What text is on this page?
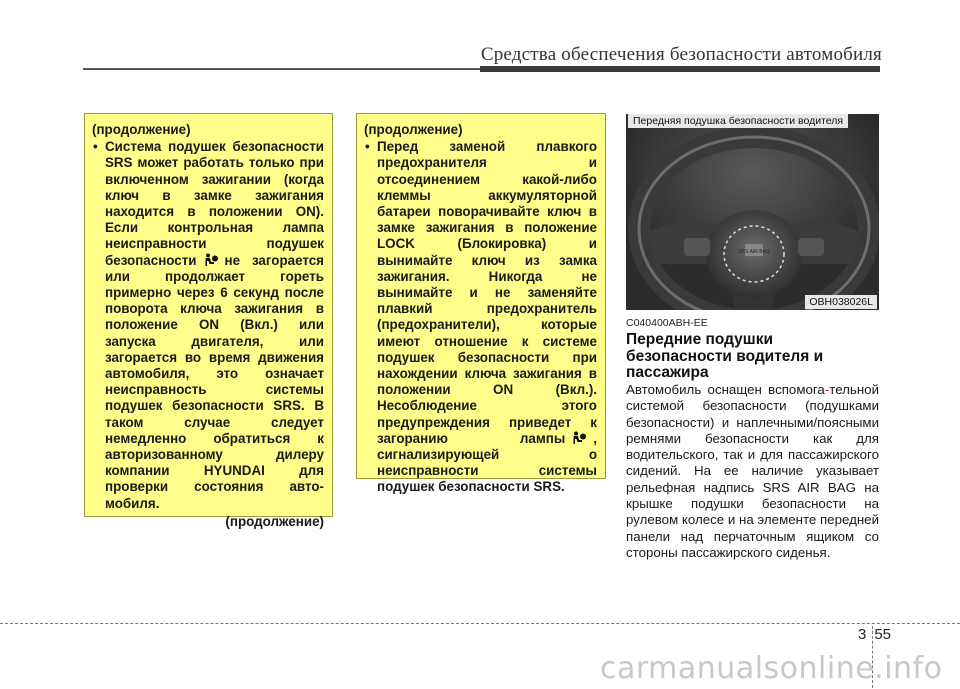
Средства обеспечения безопасности автомобиля
(продолжение)
• Система подушек безопасности SRS может работать только при включенном зажигании (когда ключ в замке зажигания находится в положении ON). Если контрольная лампа неисправности подушек безопасности не загорается или продолжает гореть примерно через 6 секунд после поворота ключа зажигания в положение ON (Вкл.) или запуска двигателя, или загорается во время движения автомобиля, это означает неисправность системы подушек безопасности SRS. В таком случае следует немедленно обратиться к авторизованному дилеру компании HYUNDAI для проверки состояния авто-мобиля.
(продолжение)
(продолжение)
• Перед заменой плавкого предохранителя и отсоединением какой-либо клеммы аккумуляторной батареи поворачивайте ключ в замке зажигания в положение LOCK (Блокировка) и вынимайте ключ из замка зажигания. Никогда не вынимайте и не заменяйте плавкий предохранитель (предохранители), которые имеют отношение к системе подушек безопасности при нахождении ключа зажигания в положении ON (Вкл.). Несоблюдение этого предупреждения приведет к загоранию лампы , сигнализирующей о неисправности системы подушек безопасности SRS.
SRS AIR BAG
Передняя подушка безопасности водителя
OBH038026L
C040400ABH-EE
Передние подушки безопасности водителя и пассажира
Автомобиль оснащен вспомога-тельной системой безопасности (подушками безопасности) и наплечными/поясными ремнями безопасности как для водительского, так и для пассажирского сидений. На ее наличие указывает рельефная надпись SRS AIR BAG на крышке подушки безопасности на рулевом колесе и на элементе передней панели над перчаточным ящиком со стороны пассажирского сиденья.
3 55
carmanualsonline.info
